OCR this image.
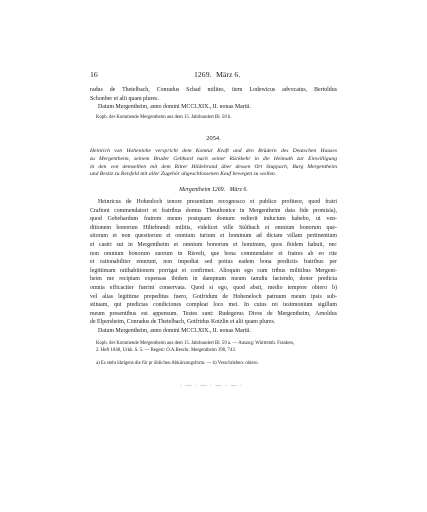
16	1269. März 6.
radus de Thetelbach, Conradus Schad milites, item Lodewicus advocatus, Bertoldus
Schonber et alii quam plures.
Datum Mergentheim, anno domini MCCLXIX., II. nonas Martii.
Kopb. der Kommende Mergentheim aus dem 15. Jahrhundert Bl. 58 b.
2054.
Heinrich von Hohenlohe verspricht dem Komtur Kraft und den Brüdern des Deutschen Hauses
zu Mergentheim, seinem Bruder Gebhard nach seiner Rückkehr in die Heimath zur Einwilligung
in den von demselben mit dem Ritter Hildebrand über dessen Ort Stuppach, Burg Mergentheim
und Besitz zu Reisfeld mit aller Zugehör abgeschlossenen Kauf bewegen zu wollen.
Mergentheim 1269.   März 6.
Heinricus de Hohenloch tenore presentium recognosco et publice profiteor, quod fratri
Craftoni commendatori et fratribus domus Theuthonice in Mergentheim data fide promisia),
quod Gebehardum fratrem meum postquam domum redierit inductum habebo, ut ven-
ditionem bonorum Hiltebrandi militis, videlicet ville Stůtbach et omnium bonorum que-
sitorum et non quesitorum et omnium iurium et hominum ad dictam villam pertinentium
et castri sui in Mergentheim et omnium bonorum et hominum, quos ibidem habuit, nec
non omnium bonorum suorum in Risvelt, que bona commendator et fratres ab eo rite
et rationabiliter emerunt, non impediat sed potius eadem bona predictis fratribus per
legittimam ratihabitionem porrigat et confirmet. Alioquin ego cum tribus militibus Mergent-
heim me recipiam expensas ibidem in dampnum meum tamdiu faciendo, doner predicta
omnia efficaciter fuerint conservata. Quod si ego, quod absit, medio tempore obiero b)
vel alias legittime prepeditus fuero, Gotfridum de Hoheneloch patruum meum ipsis sub-
stituam, qui predictas condiciones compleat loco mei. In cuius rei testimonium sigillum
meum presentibus est appensum. Testes sunt: Rudegerus Dives de Mergentheim, Arnoldus
de Elpersheim, Conradus de Thetelbach, Gotfridus Kotzlin et alii quam plures.
Datum Mergentheim, anno domini MCCLXIX., II. nonas Martii.
Kopb. der Kommende Mergentheim aus dem 15. Jahrhundert Bl. 59 a. — Auszug: Württemb. Franken,
2. Heft 1848, Urkk. S. 5. — Regest: O.A.Beschr. Mergentheim 390, 743.
a) Es steht übrigens die für pr üblichen Abkürzungsform. — b) Verschrieben: obiero.
· — · — · — · — ·
